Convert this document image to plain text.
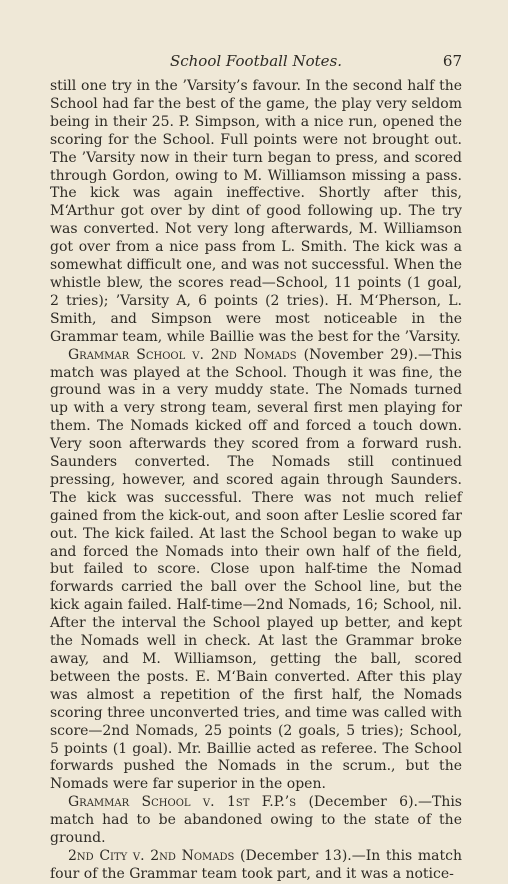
School Football Notes.	67

still one try in the ’Varsity’s favour. In the second half the School had far the best of the game, the play very seldom being in their 25. P. Simpson, with a nice run, opened the scoring for the School. Full points were not brought out. The ’Varsity now in their turn began to press, and scored through Gordon, owing to M. Williamson missing a pass. The kick was again ineffective. Shortly after this, M‘Arthur got over by dint of good following up. The try was converted. Not very long afterwards, M. Williamson got over from a nice pass from L. Smith. The kick was a somewhat difficult one, and was not successful. When the whistle blew, the scores read—School, 11 points (1 goal, 2 tries); ’Varsity A, 6 points (2 tries). H. M‘Pherson, L. Smith, and Simpson were most noticeable in the Grammar team, while Baillie was the best for the ’Varsity.

Grammar School v. 2nd Nomads (November 29).—This match was played at the School. Though it was fine, the ground was in a very muddy state. The Nomads turned up with a very strong team, several first men playing for them. The Nomads kicked off and forced a touch down. Very soon afterwards they scored from a forward rush. Saunders converted. The Nomads still continued pressing, however, and scored again through Saunders. The kick was successful. There was not much relief gained from the kick-out, and soon after Leslie scored far out. The kick failed. At last the School began to wake up and forced the Nomads into their own half of the field, but failed to score. Close upon half-time the Nomad forwards carried the ball over the School line, but the kick again failed. Half-time—2nd Nomads, 16; School, nil. After the interval the School played up better, and kept the Nomads well in check. At last the Grammar broke away, and M. Williamson, getting the ball, scored between the posts. E. M‘Bain converted. After this play was almost a repetition of the first half, the Nomads scoring three unconverted tries, and time was called with score—2nd Nomads, 25 points (2 goals, 5 tries); School, 5 points (1 goal). Mr. Baillie acted as referee. The School forwards pushed the Nomads in the scrum., but the Nomads were far superior in the open.

Grammar School v. 1st F.P.’s (December 6).—This match had to be abandoned owing to the state of the ground.

2nd City v. 2nd Nomads (December 13).—In this match four of the Grammar team took part, and it was a notice-
